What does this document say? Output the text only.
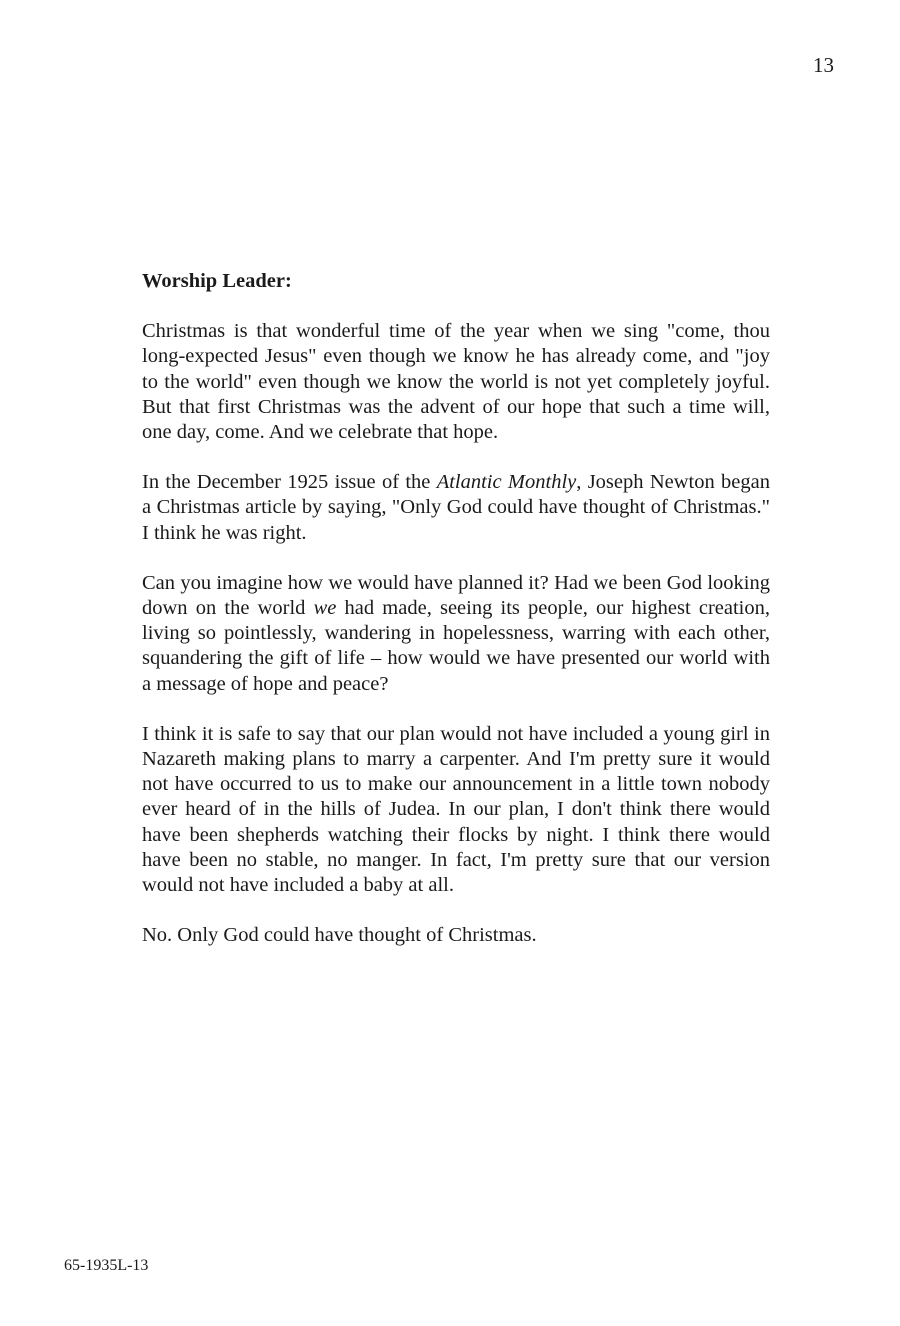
13
Worship Leader:

Christmas is that wonderful time of the year when we sing "come, thou long-expected Jesus" even though we know he has already come, and "joy to the world" even though we know the world is not yet completely joyful. But that first Christmas was the advent of our hope that such a time will, one day, come. And we celebrate that hope.

In the December 1925 issue of the Atlantic Monthly, Joseph Newton began a Christmas article by saying, "Only God could have thought of Christmas." I think he was right.

Can you imagine how we would have planned it? Had we been God looking down on the world we had made, seeing its people, our highest creation, living so pointlessly, wandering in hopelessness, warring with each other, squandering the gift of life – how would we have presented our world with a message of hope and peace?

I think it is safe to say that our plan would not have included a young girl in Nazareth making plans to marry a carpenter. And I'm pretty sure it would not have occurred to us to make our announcement in a little town nobody ever heard of in the hills of Judea. In our plan, I don't think there would have been shepherds watching their flocks by night. I think there would have been no stable, no manger. In fact, I'm pretty sure that our version would not have included a baby at all.

No. Only God could have thought of Christmas.

65-1935L-13
